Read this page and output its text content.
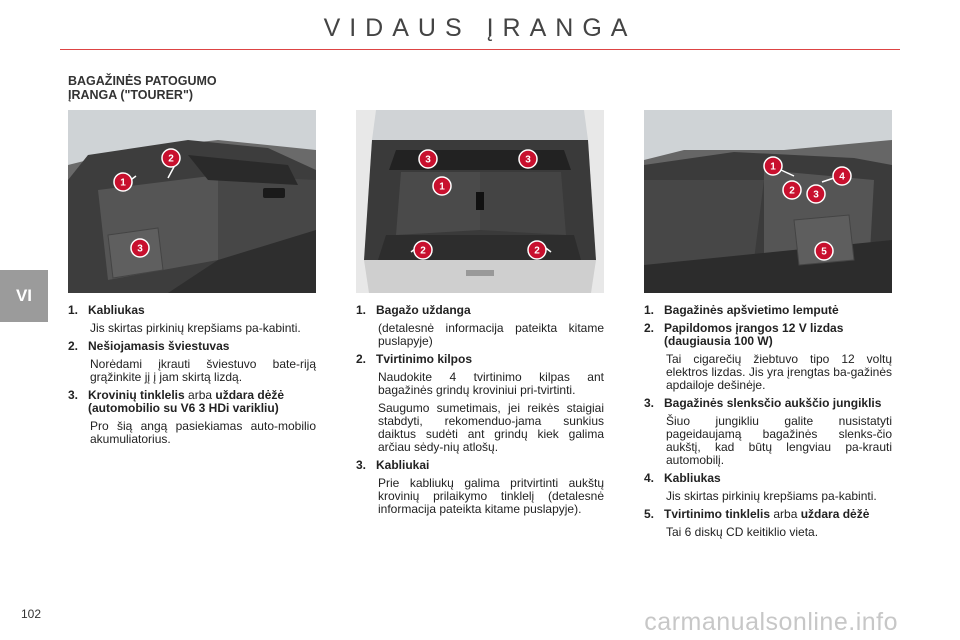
VIDAUS ĮRANGA
VI
BAGAŽINĖS PATOGUMO
ĮRANGA ("TOURER")
1
2
3
1
2	2
3	3
1
2 3
4
5
1. Kabliukas
Jis skirtas pirkinių krepšiams pa-kabinti.
2. Nešiojamasis šviestuvas
Norėdami įkrauti šviestuvo bate-riją grąžinkite jį į jam skirtą lizdą.
3. Krovinių tinklelis arba uždara dėžė (automobilio su V6 3 HDi varikliu)
Pro šią angą pasiekiamas auto-mobilio akumuliatorius.
1. Bagažo uždanga
(detalesnė informacija pateikta kitame puslapyje)
2. Tvirtinimo kilpos
Naudokite 4 tvirtinimo kilpas ant bagažinės grindų kroviniui pri-tvirtinti.
Saugumo sumetimais, jei reikės staigiai stabdyti, rekomenduo-jama sunkius daiktus sudėti ant grindų kiek galima arčiau sėdy-nių atlošų.
3. Kabliukai
Prie kabliukų galima pritvirtinti aukštų krovinių prilaikymo tinklelį (detalesnė informacija pateikta kitame puslapyje).
1. Bagažinės apšvietimo lemputė
2. Papildomos įrangos 12 V lizdas (daugiausia 100 W)
Tai cigarečių žiebtuvo tipo 12 voltų elektros lizdas. Jis yra įrengtas ba-gažinės apdailoje dešinėje.
3. Bagažinės slenksčio aukščio jungiklis
Šiuo jungikliu galite nusistatyti pageidaujamą bagažinės slenks-čio aukštį, kad būtų lengviau pa-krauti automobilį.
4. Kabliukas
Jis skirtas pirkinių krepšiams pa-kabinti.
5. Tvirtinimo tinklelis arba uždara dėžė
Tai 6 diskų CD keitiklio vieta.
102	carmanualsonline.info
